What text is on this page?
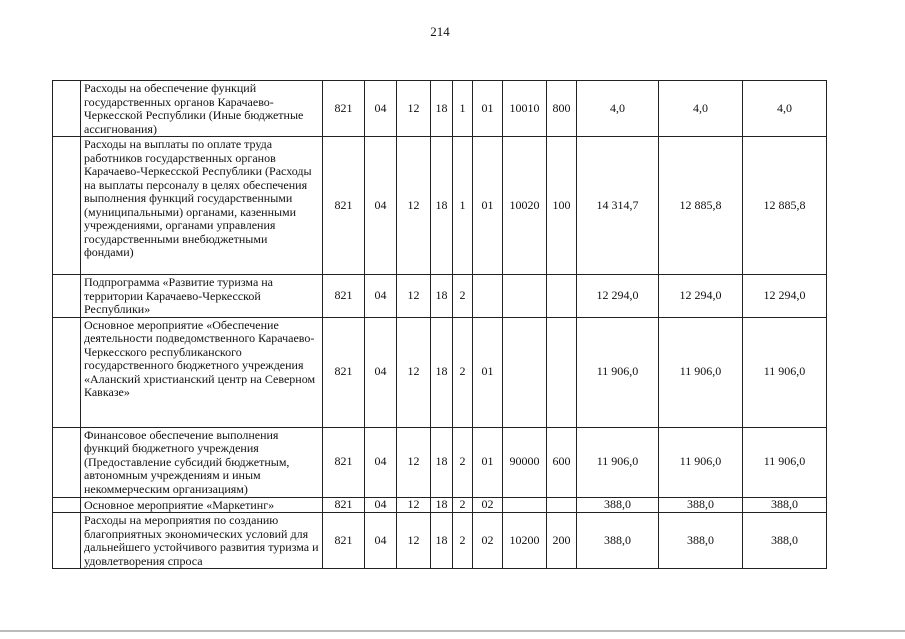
214
	Расходы на обеспечение функций государственных органов Карачаево-Черкесской Республики (Иные бюджетные ассигнования)	821	04	12	18	1	01	10010	800	4,0	4,0	4,0
	Расходы на выплаты по оплате труда работников государственных органов Карачаево-Черкесской Республики (Расходы на выплаты персоналу в целях обеспечения выполнения функций государственными (муниципальными) органами, казенными учреждениями, органами управления государственными внебюджетными фондами)	821	04	12	18	1	01	10020	100	14 314,7	12 885,8	12 885,8
	Подпрограмма «Развитие туризма на территории Карачаево-Черкесской Республики»	821	04	12	18	2				12 294,0	12 294,0	12 294,0
	Основное мероприятие «Обеспечение деятельности подведомственного Карачаево-Черкесского республиканского государственного бюджетного учреждения «Аланский христианский центр на Северном Кавказе»	821	04	12	18	2	01			11 906,0	11 906,0	11 906,0
	Финансовое обеспечение выполнения функций бюджетного учреждения (Предоставление субсидий бюджетным, автономным учреждениям и иным некоммерческим организациям)	821	04	12	18	2	01	90000	600	11 906,0	11 906,0	11 906,0
	Основное мероприятие «Маркетинг»	821	04	12	18	2	02			388,0	388,0	388,0
	Расходы на мероприятия по созданию благоприятных экономических условий для дальнейшего устойчивого развития туризма и удовлетворения спроса	821	04	12	18	2	02	10200	200	388,0	388,0	388,0
